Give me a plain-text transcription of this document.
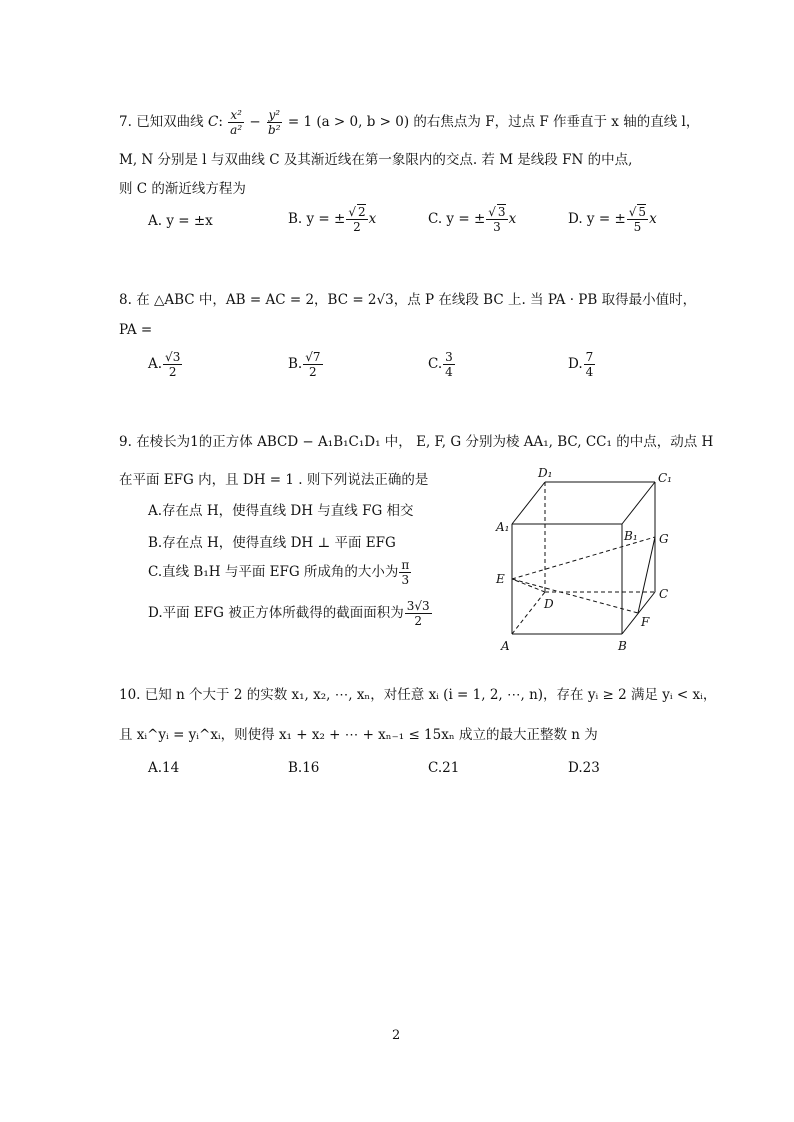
7. 已知双曲线 C: $\frac{\text{x²}}{\text{a²}} - \frac{\text{y²}}{\text{b²}} = 1$ (a > 0, b > 0) 的右焦点为 F，过点 F 作垂直于 x 轴的直线 l，
M, N 分别是 l 与双曲线 C 及其渐近线在第一象限内的交点. 若 M 是线段 FN 的中点,
则 C 的渐近线方程为
A. y = ±x	B. y = ± $\frac{√ 2}{2}$ x	C. y = ± $\frac{√ 3}{3}$ x	D. y = ± $\frac{√ 5}{5}$ x
8. 在 △ABC 中，AB = AC = 2，BC = 2√3，点 P 在线段 BC 上. 当 PA · PB 取得最小值时，
PA =
A. $\frac{√3}{2}$	B. $\frac{√7}{2}$	C. $\frac{3}{4}$	D. $\frac{7}{4}$
9. 在棱长为1的正方体 ABCD − A₁B₁C₁D₁ 中， E, F, G 分别为棱 AA₁, BC, CC₁ 的中点，动点 H
在平面 EFG 内，且 DH = 1 . 则下列说法正确的是
A.存在点 H，使得直线 DH 与直线 FG 相交
B.存在点 H，使得直线 DH ⊥ 平面 EFG
C.直线 B₁H 与平面 EFG 所成角的大小为 $\frac{\pi}{3}$
D.平面 EFG 被正方体所截得的截面面积为 $\frac{3√3}{2}$
D₁	C₁
A₁
B₁ G
E
D
C
F
A	B
10. 已知 n 个大于 2 的实数 x₁, x₂, ⋯, xₙ，对任意 xᵢ (i = 1, 2, ⋯, n)，存在 yᵢ ≥ 2 满足 yᵢ < xᵢ，
且 xᵢ^yᵢ = yᵢ^xᵢ，则使得 x₁ + x₂ + ⋯ + xₙ₋₁ ≤ 15xₙ 成立的最大正整数 n 为
A.14	B.16	C.21	D.23
2
